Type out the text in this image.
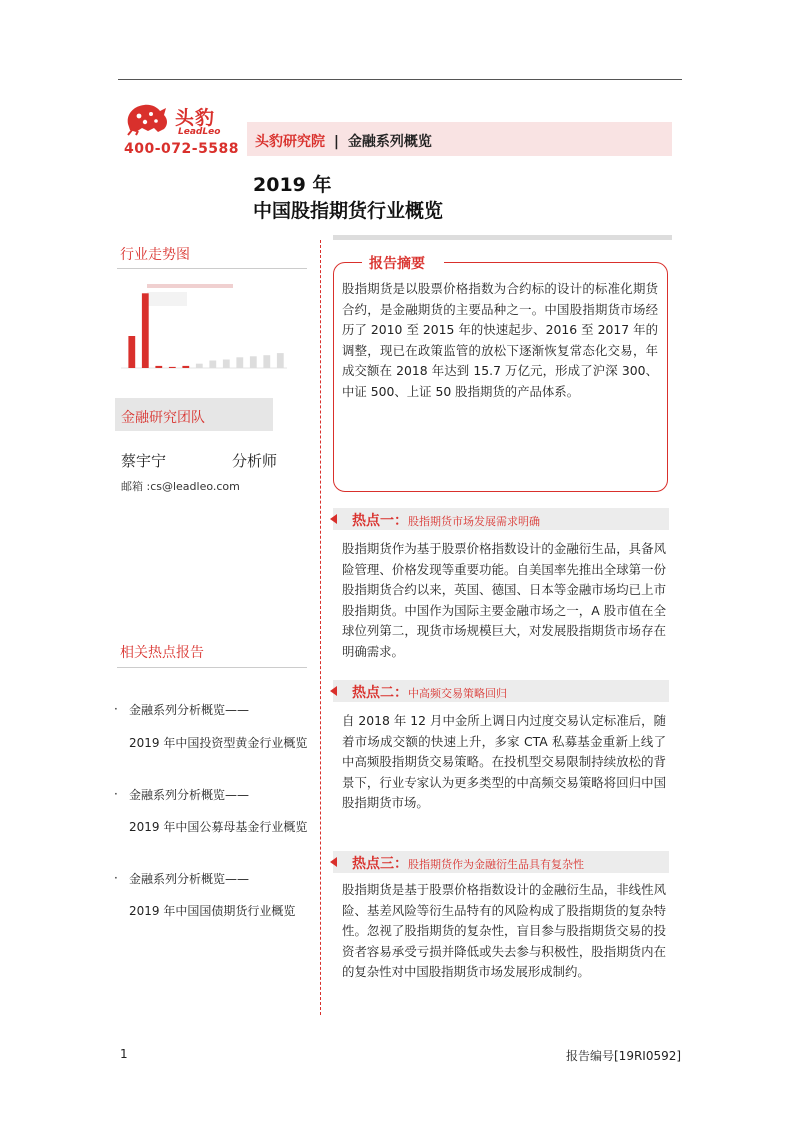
头豹
LeadLeo
400-072-5588 头豹研究院 | 金融系列概览
2019 年
中国股指期货行业概览
行业走势图
金融研究团队
蔡宇宁	分析师
邮箱 :cs@leadleo.com
相关热点报告
· 金融系列分析概览——
2019 年中国投资型黄金行业概览
· 金融系列分析概览——
2019 年中国公募母基金行业概览
· 金融系列分析概览——
2019 年中国国债期货行业概览
报告摘要
股指期货是以股票价格指数为合约标的设计的标准化期货合约，是金融期货的主要品种之一。中国股指期货市场经历了 2010 至 2015 年的快速起步、2016 至 2017 年的调整，现已在政策监管的放松下逐渐恢复常态化交易，年成交额在 2018 年达到 15.7 万亿元，形成了沪深 300、中证 500、上证 50 股指期货的产品体系。
热点一：股指期货市场发展需求明确
股指期货作为基于股票价格指数设计的金融衍生品，具备风险管理、价格发现等重要功能。自美国率先推出全球第一份股指期货合约以来，英国、德国、日本等金融市场均已上市股指期货。中国作为国际主要金融市场之一，A 股市值在全球位列第二，现货市场规模巨大，对发展股指期货市场存在明确需求。
热点二：中高频交易策略回归
自 2018 年 12 月中金所上调日内过度交易认定标准后，随着市场成交额的快速上升，多家 CTA 私募基金重新上线了中高频股指期货交易策略。在投机型交易限制持续放松的背景下，行业专家认为更多类型的中高频交易策略将回归中国股指期货市场。
热点三：股指期货作为金融衍生品具有复杂性
股指期货是基于股票价格指数设计的金融衍生品，非线性风险、基差风险等衍生品特有的风险构成了股指期货的复杂特性。忽视了股指期货的复杂性，盲目参与股指期货交易的投资者容易承受亏损并降低或失去参与积极性，股指期货内在的复杂性对中国股指期货市场发展形成制约。
1	报告编号[19RI0592]
